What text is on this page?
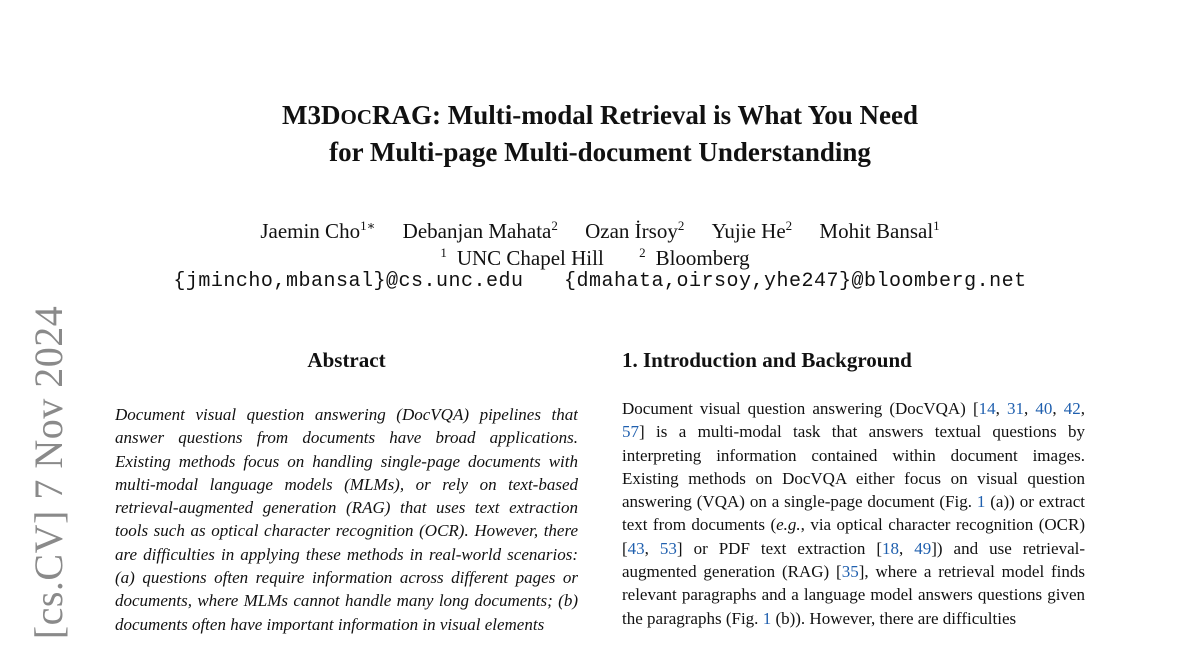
[cs.CV] 7 Nov 2024
M3DOCRAG: Multi-modal Retrieval is What You Need
for Multi-page Multi-document Understanding
Jaemin Cho$^{1∗}$ Debanjan Mahata$^2$ Ozan İrsoy$^2$ Yujie He$^2$ Mohit Bansal$^1$
$^1$ UNC Chapel Hill	$^2$ Bloomberg
{jmincho,mbansal}@cs.unc.edu {dmahata,oirsoy,yhe247}@bloomberg.net
Abstract
Document visual question answering (DocVQA) pipelines that answer questions from documents have broad applications. Existing methods focus on handling single-page documents with multi-modal language models (MLMs), or rely on text-based retrieval-augmented generation (RAG) that uses text extraction tools such as optical character recognition (OCR). However, there are difficulties in applying these methods in real-world scenarios: (a) questions often require information across different pages or documents, where MLMs cannot handle many long documents; (b) documents often have important information in visual elements
1. Introduction and Background
Document visual question answering (DocVQA) [14, 31, 40, 42, 57] is a multi-modal task that answers textual questions by interpreting information contained within document images. Existing methods on DocVQA either focus on visual question answering (VQA) on a single-page document (Fig. 1 (a)) or extract text from documents (e.g., via optical character recognition (OCR) [43, 53] or PDF text extraction [18, 49]) and use retrieval-augmented generation (RAG) [35], where a retrieval model finds relevant paragraphs and a language model answers questions given the paragraphs (Fig. 1 (b)). However, there are difficulties
